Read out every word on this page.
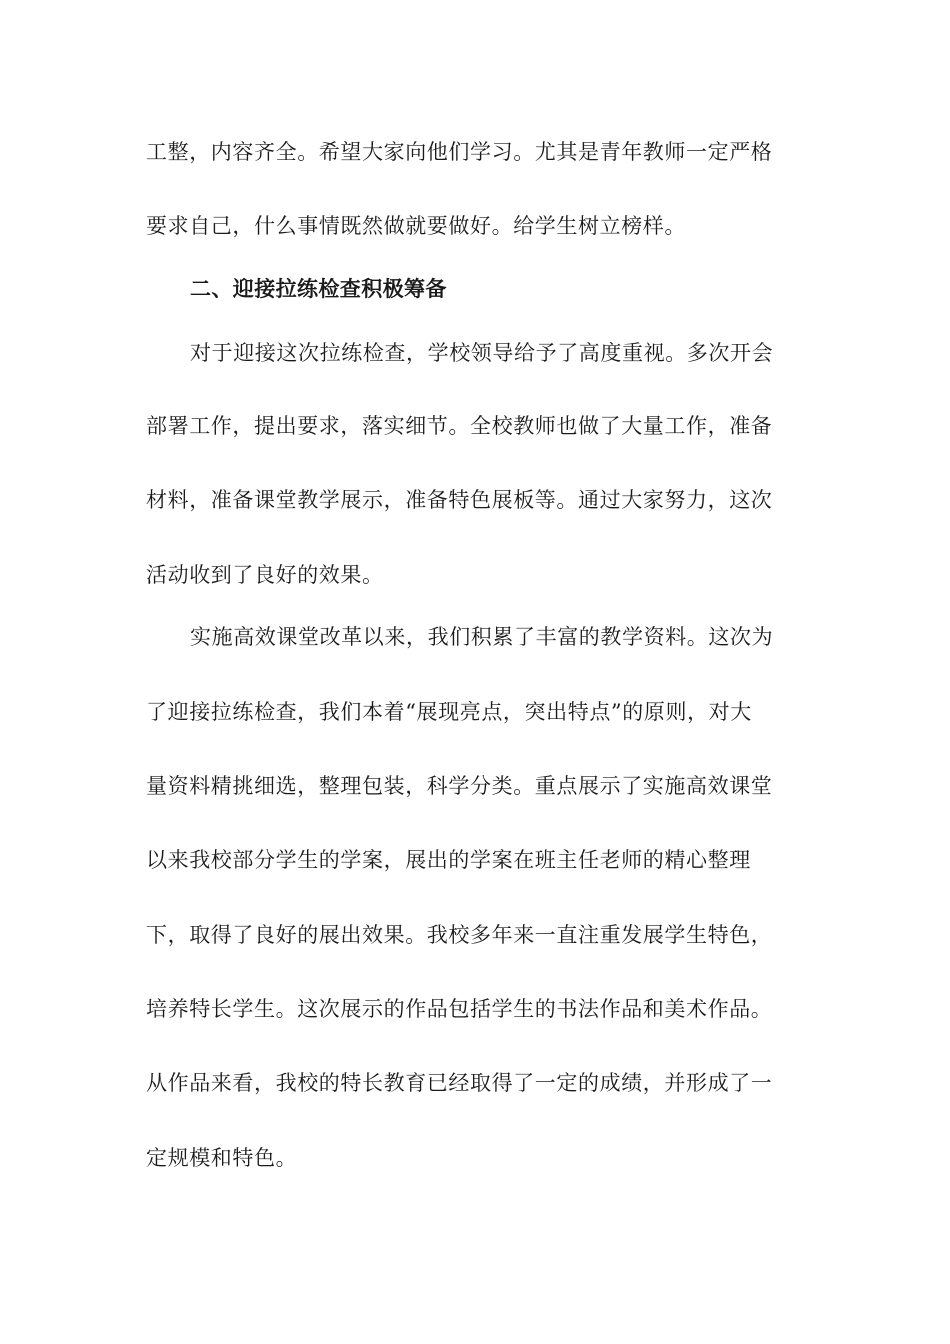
工整，内容齐全。希望大家向他们学习。尤其是青年教师一定严格
要求自己，什么事情既然做就要做好。给学生树立榜样。
二、迎接拉练检查积极筹备
对于迎接这次拉练检查，学校领导给予了高度重视。多次开会
部署工作，提出要求，落实细节。全校教师也做了大量工作，准备
材料，准备课堂教学展示，准备特色展板等。通过大家努力，这次
活动收到了良好的效果。
实施高效课堂改革以来，我们积累了丰富的教学资料。这次为
了迎接拉练检查，我们本着“展现亮点，突出特点”的原则，对大
量资料精挑细选，整理包装，科学分类。重点展示了实施高效课堂
以来我校部分学生的学案，展出的学案在班主任老师的精心整理
下，取得了良好的展出效果。我校多年来一直注重发展学生特色，
培养特长学生。这次展示的作品包括学生的书法作品和美术作品。
从作品来看，我校的特长教育已经取得了一定的成绩，并形成了一
定规模和特色。
